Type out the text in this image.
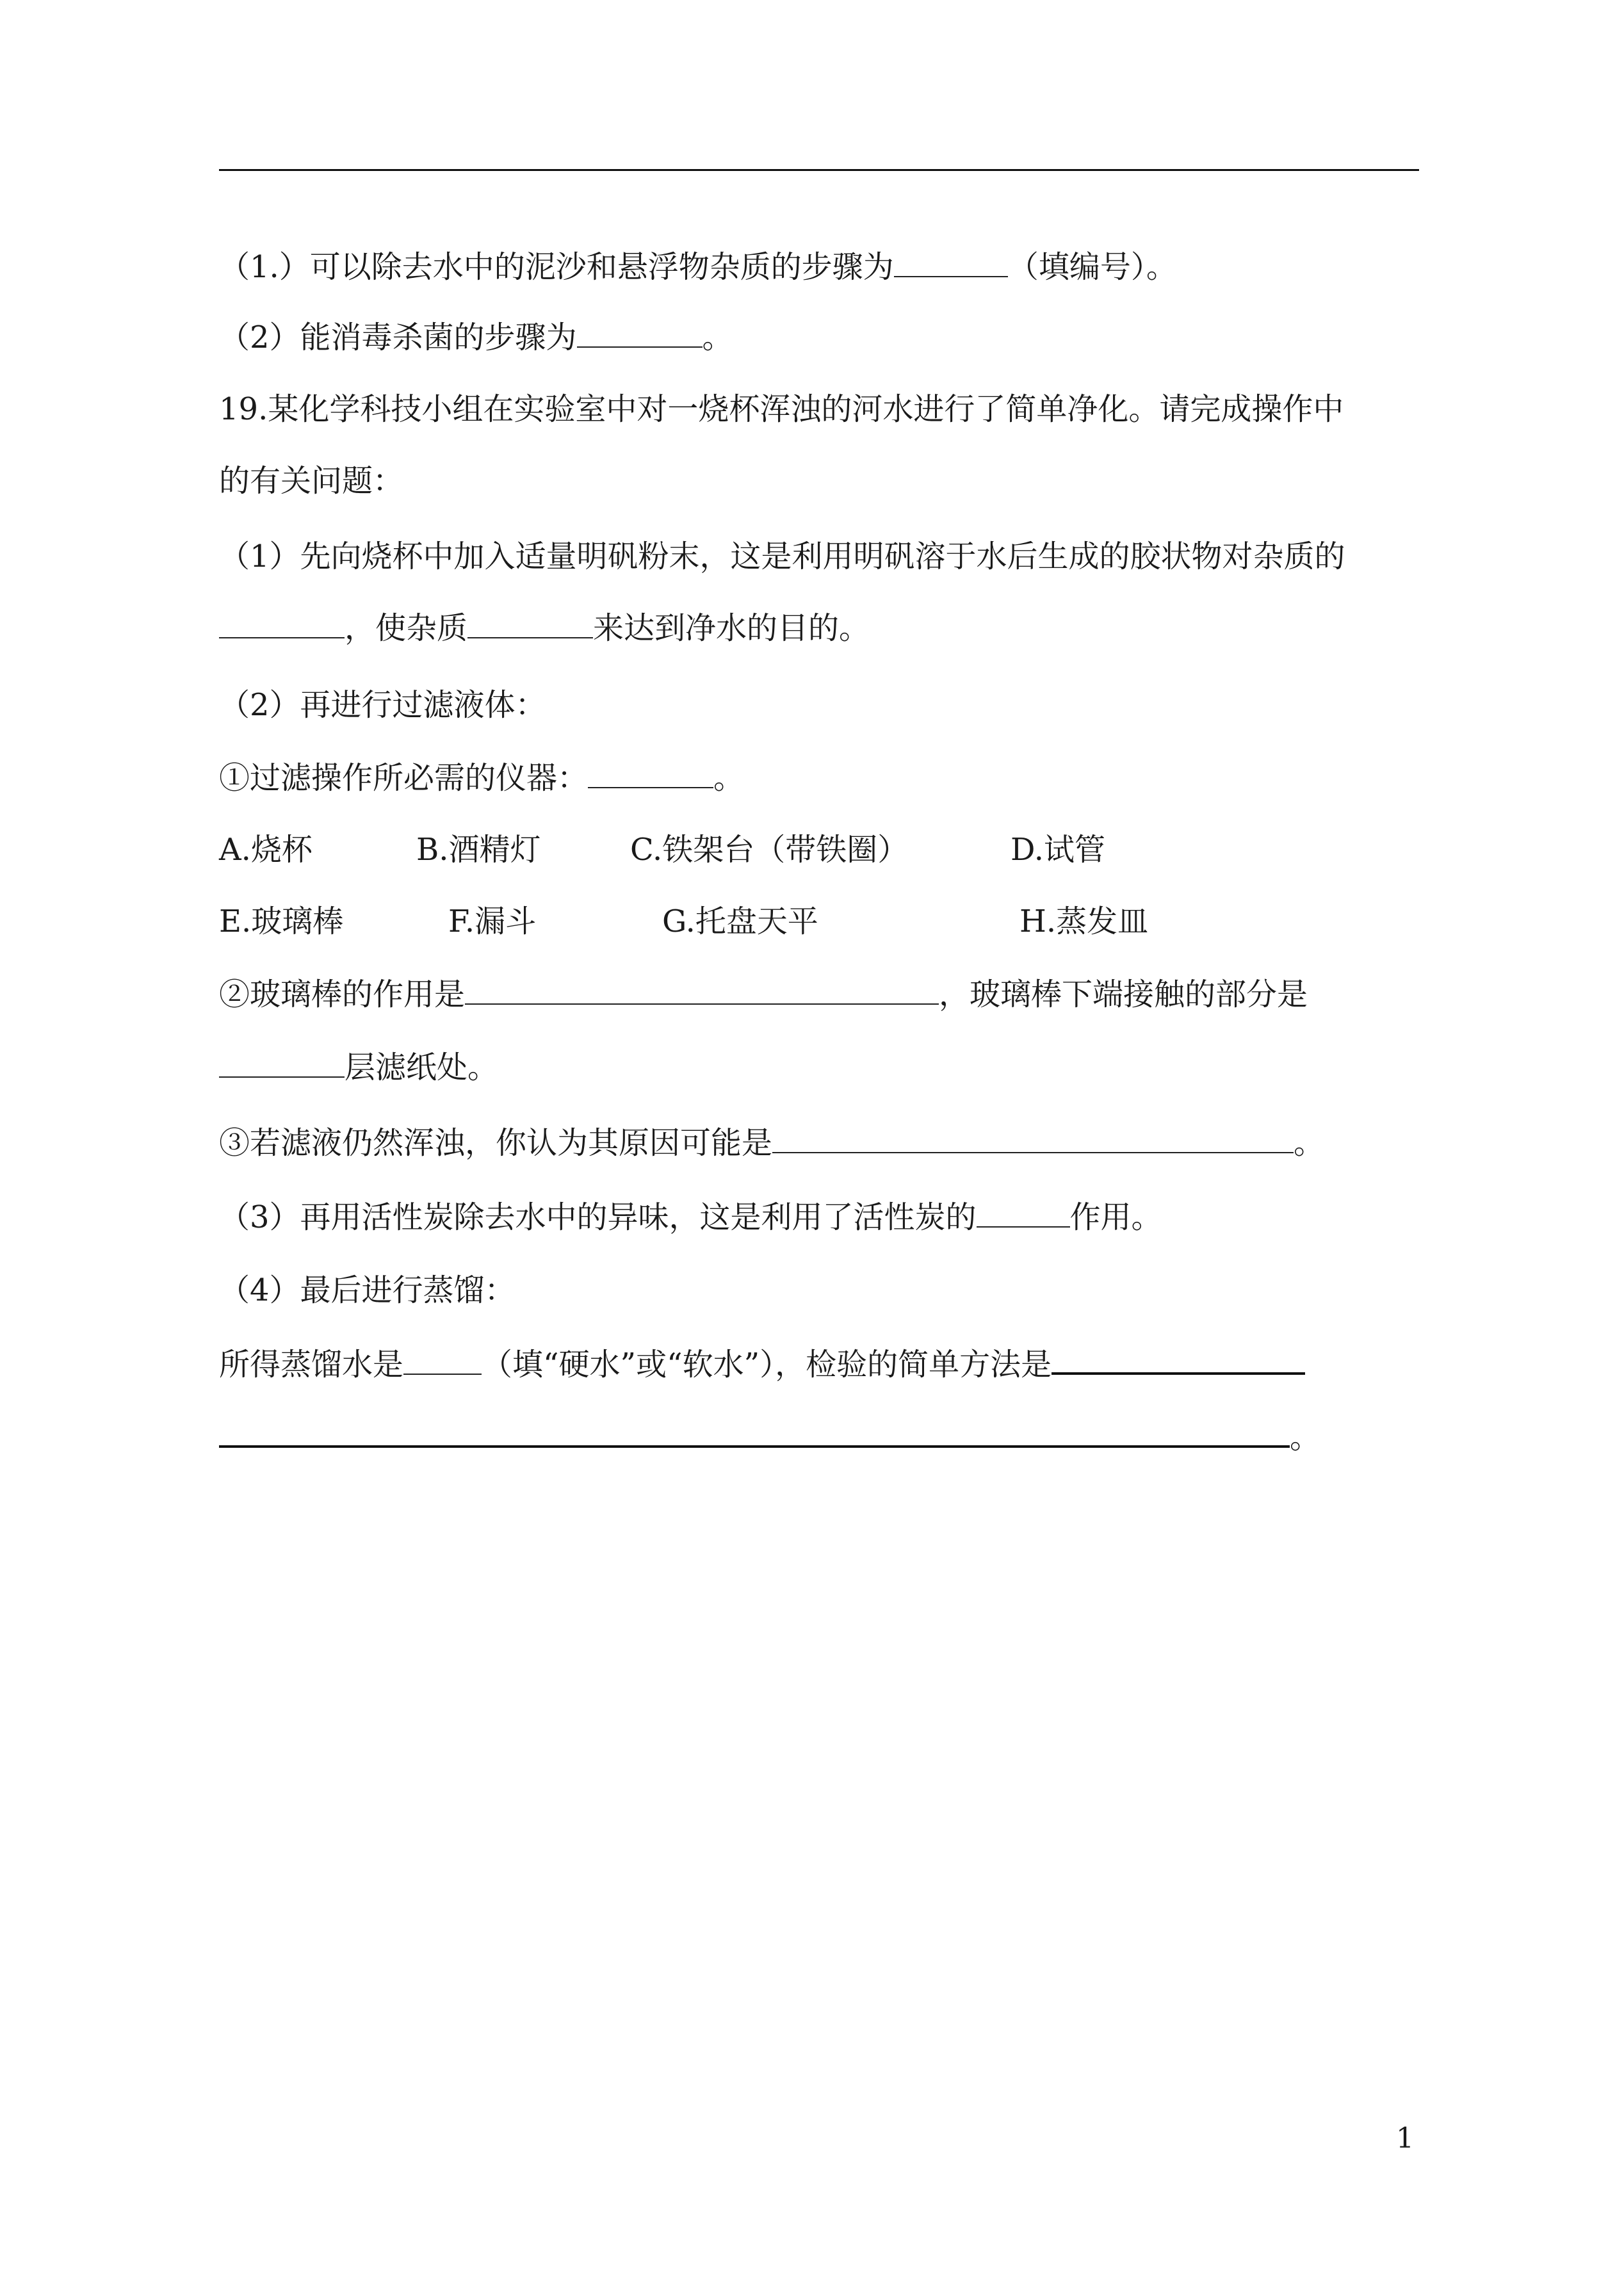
（1.）可以除去水中的泥沙和悬浮物杂质的步骤为	（填编号）。
（2）能消毒杀菌的步骤为	。
19.某化学科技小组在实验室中对一烧杯浑浊的河水进行了简单净化。请完成操作中
的有关问题：
（1）先向烧杯中加入适量明矾粉末，这是利用明矾溶于水后生成的胶状物对杂质的
，使杂质	来达到净水的目的。
（2）再进行过滤液体：
①过滤操作所必需的仪器：	。
A.烧杯	B.酒精灯	C.铁架台（带铁圈）	D.试管
E.玻璃棒	F.漏斗	G.托盘天平	H.蒸发皿
②玻璃棒的作用是	，玻璃棒下端接触的部分是
层滤纸处。
③若滤液仍然浑浊，你认为其原因可能是	。
（3）再用活性炭除去水中的异味，这是利用了活性炭的	作用。
（4）最后进行蒸馏：
所得蒸馏水是	（填“硬水”或“软水”），检验的简单方法是
。
1
